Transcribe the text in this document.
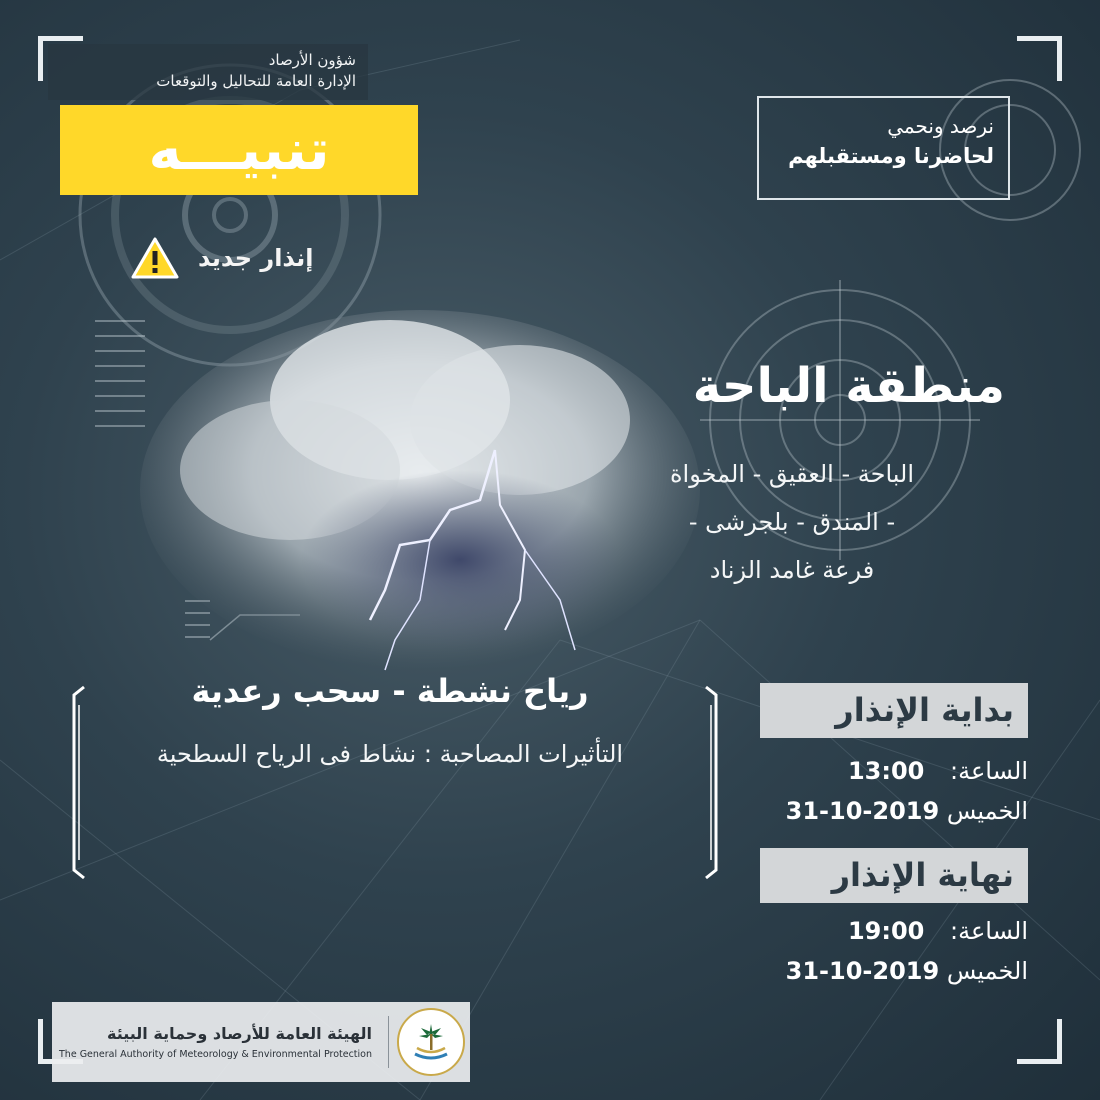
شؤون الأرصاد
الإدارة العامة للتحاليل والتوقعات
تنبيـــه
إنذار جديد
نرصد ونحمي
لحاضرنا ومستقبلهم
منطقة الباحة
الباحة - العقيق - المخواة
- المندق - بلجرشى -
فرعة غامد الزناد
رياح نشطة - سحب رعدية
التأثيرات المصاحبة : نشاط فى الرياح السطحية
بداية الإنذار
الساعة: 13:00
الخميس 2019-10-31
نهاية الإنذار
الساعة: 19:00
الخميس 2019-10-31
الهيئة العامة للأرصاد وحماية البيئة
The General Authority of Meteorology & Environmental Protection
